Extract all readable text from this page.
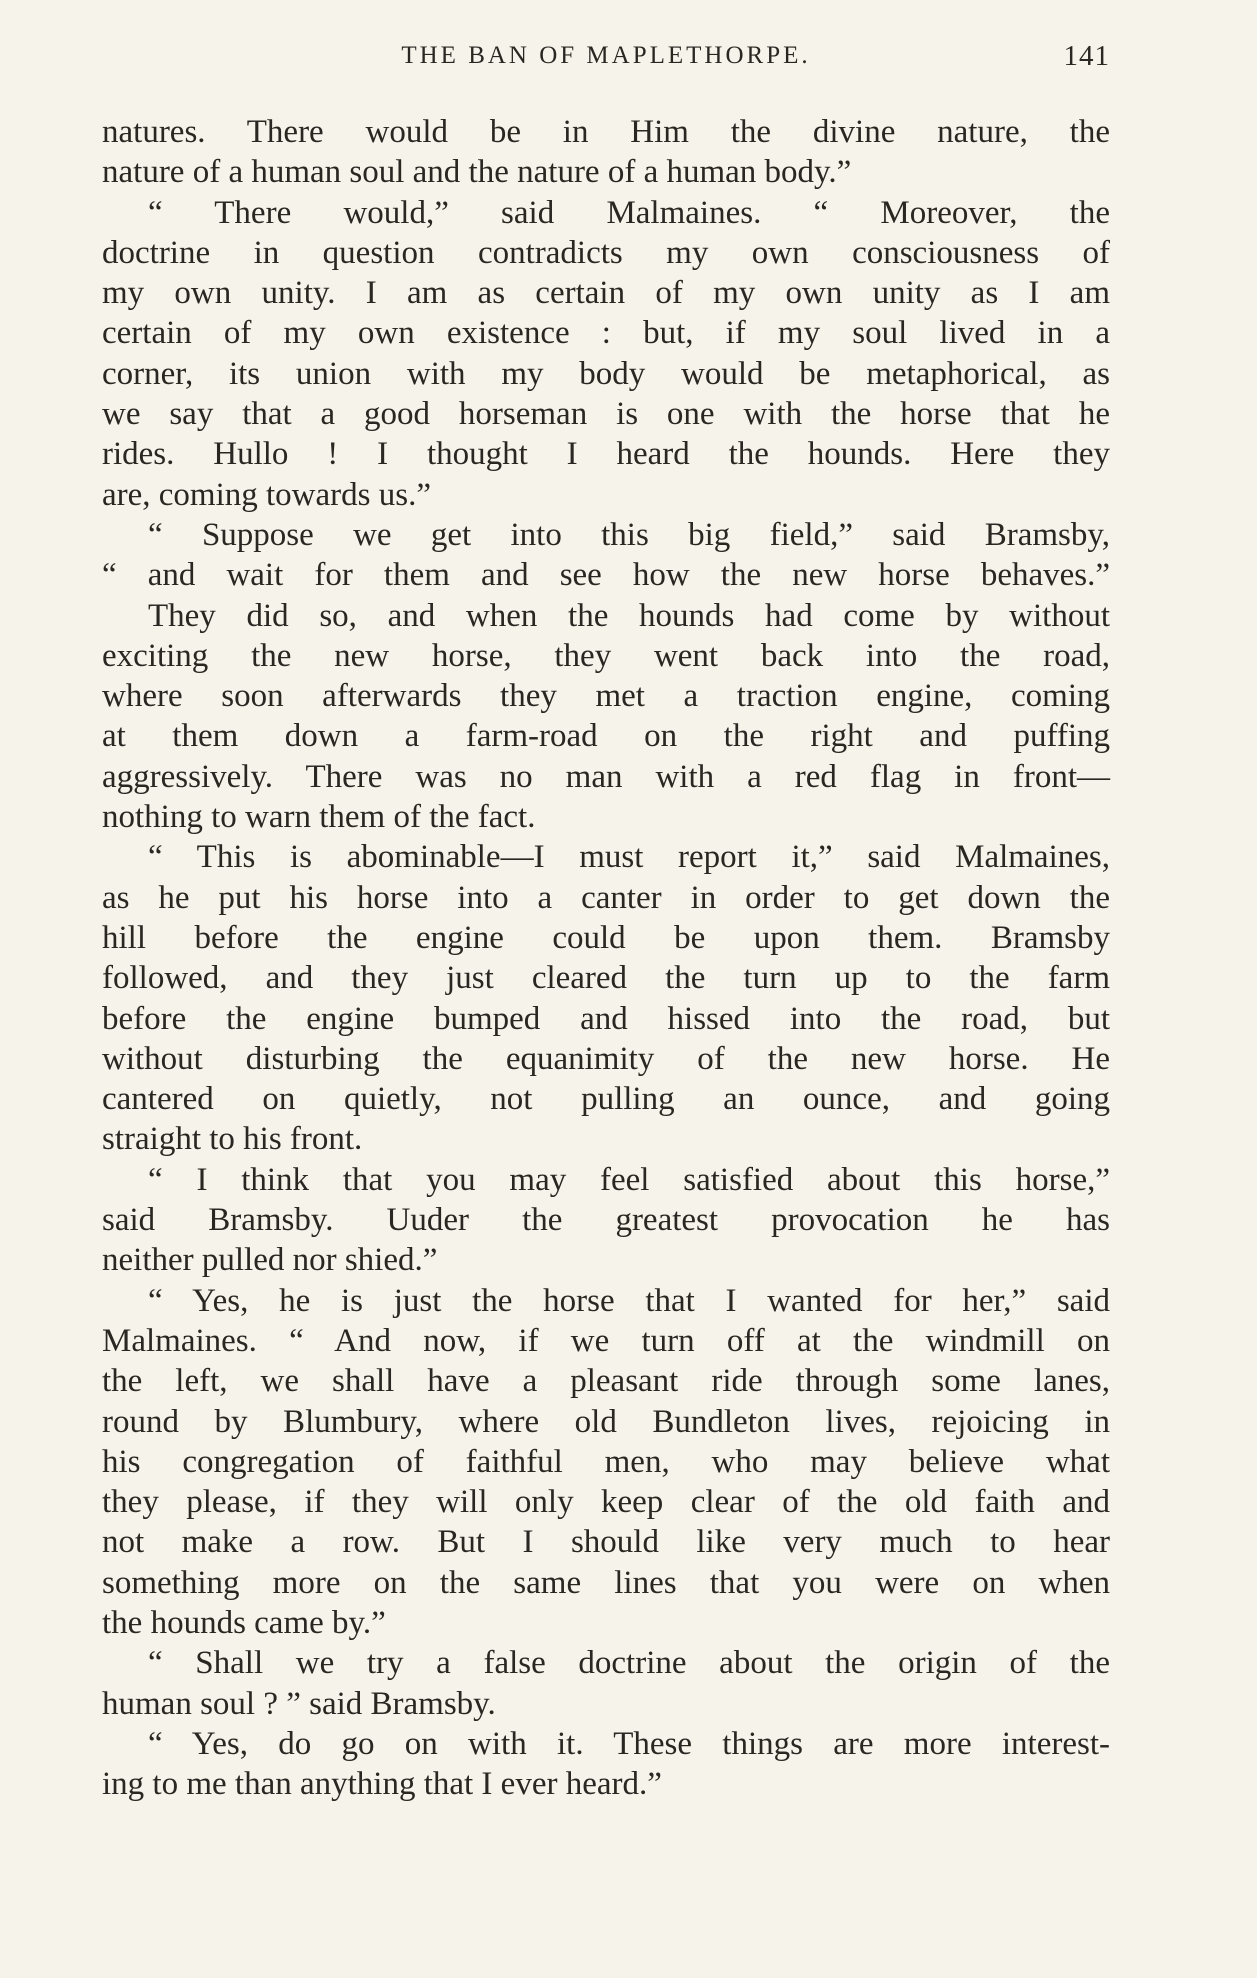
THE BAN OF MAPLETHORPE.	141
natures. There would be in Him the divine nature, the
nature of a human soul and the nature of a human body.”
“ There would,” said Malmaines. “ Moreover, the
doctrine in question contradicts my own consciousness of
my own unity. I am as certain of my own unity as I am
certain of my own existence : but, if my soul lived in a
corner, its union with my body would be metaphorical, as
we say that a good horseman is one with the horse that he
rides. Hullo ! I thought I heard the hounds. Here they
are, coming towards us.”
“ Suppose we get into this big field,” said Bramsby,
“ and wait for them and see how the new horse behaves.”
They did so, and when the hounds had come by without
exciting the new horse, they went back into the road,
where soon afterwards they met a traction engine, coming
at them down a farm-road on the right and puffing
aggressively. There was no man with a red flag in front—
nothing to warn them of the fact.
“ This is abominable—I must report it,” said Malmaines,
as he put his horse into a canter in order to get down the
hill before the engine could be upon them. Bramsby
followed, and they just cleared the turn up to the farm
before the engine bumped and hissed into the road, but
without disturbing the equanimity of the new horse. He
cantered on quietly, not pulling an ounce, and going
straight to his front.
“ I think that you may feel satisfied about this horse,”
said Bramsby. Uuder the greatest provocation he has
neither pulled nor shied.”
“ Yes, he is just the horse that I wanted for her,” said
Malmaines. “ And now, if we turn off at the windmill on
the left, we shall have a pleasant ride through some lanes,
round by Blumbury, where old Bundleton lives, rejoicing in
his congregation of faithful men, who may believe what
they please, if they will only keep clear of the old faith and
not make a row. But I should like very much to hear
something more on the same lines that you were on when
the hounds came by.”
“ Shall we try a false doctrine about the origin of the
human soul ? ” said Bramsby.
“ Yes, do go on with it. These things are more interest-
ing to me than anything that I ever heard.”
